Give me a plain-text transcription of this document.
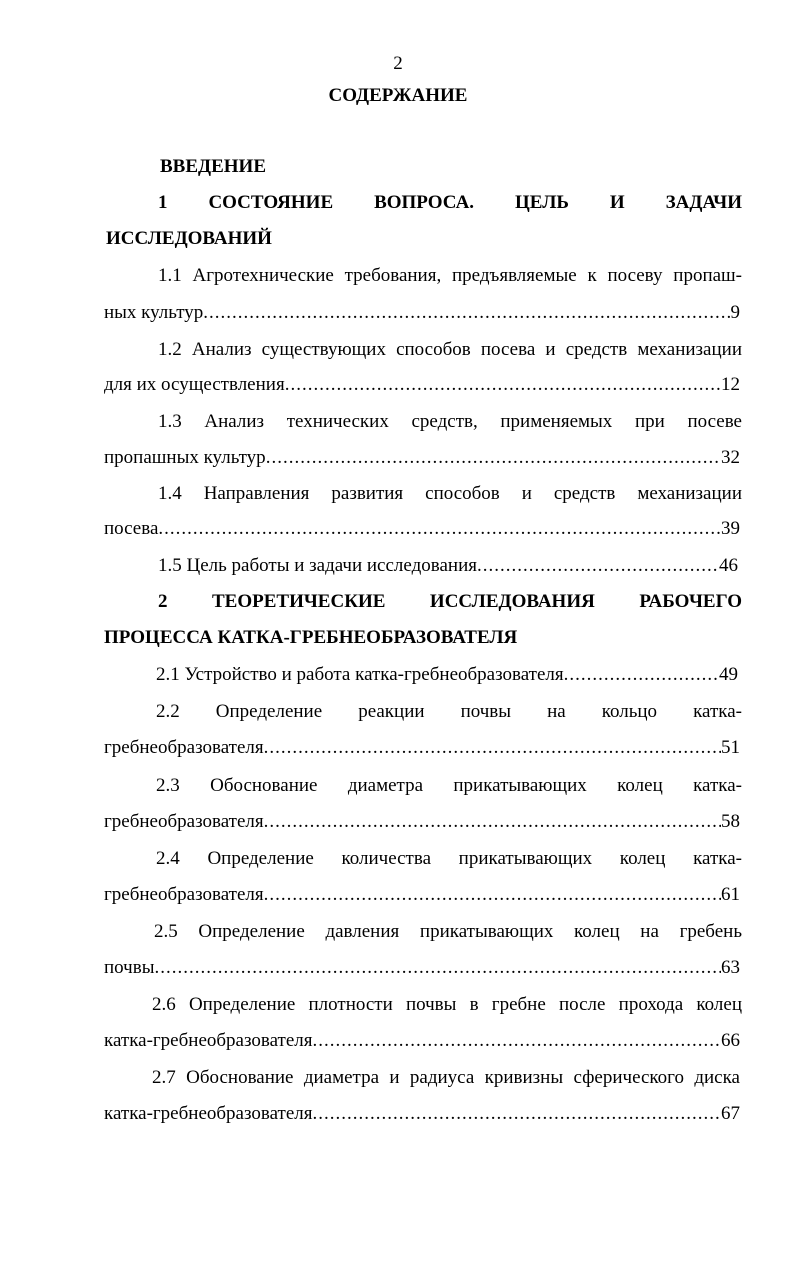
2
СОДЕРЖАНИЕ
ВВЕДЕНИЕ
1 СОСТОЯНИЕ ВОПРОСА. ЦЕЛЬ И ЗАДАЧИ
ИССЛЕДОВАНИЙ
1.1 Агротехнические требования, предъявляемые к посеву пропаш-
ных культур .....	9
1.2 Анализ существующих способов посева и средств механизации
для их осуществления .....	12
1.3 Анализ технических средств, применяемых при посеве
пропашных культур .....	32
1.4 Направления развития способов и средств механизации
посева .....	39
1.5 Цель работы и задачи исследования .....	46
2 ТЕОРЕТИЧЕСКИЕ ИССЛЕДОВАНИЯ РАБОЧЕГО
ПРОЦЕССА КАТКА-ГРЕБНЕОБРАЗОВАТЕЛЯ
2.1 Устройство и работа катка-гребнеобразователя .....	49
2.2 Определение реакции почвы на кольцо катка-
гребнеобразователя .....	51
2.3 Обоснование диаметра прикатывающих колец катка-
гребнеобразователя .....	58
2.4 Определение количества прикатывающих колец катка-
гребнеобразователя .....	61
2.5 Определение давления прикатывающих колец на гребень
почвы .....	63
2.6 Определение плотности почвы в гребне после прохода колец
катка-гребнеобразователя .....	66
2.7 Обоснование диаметра и радиуса кривизны сферического диска
катка-гребнеобразователя .....	67
